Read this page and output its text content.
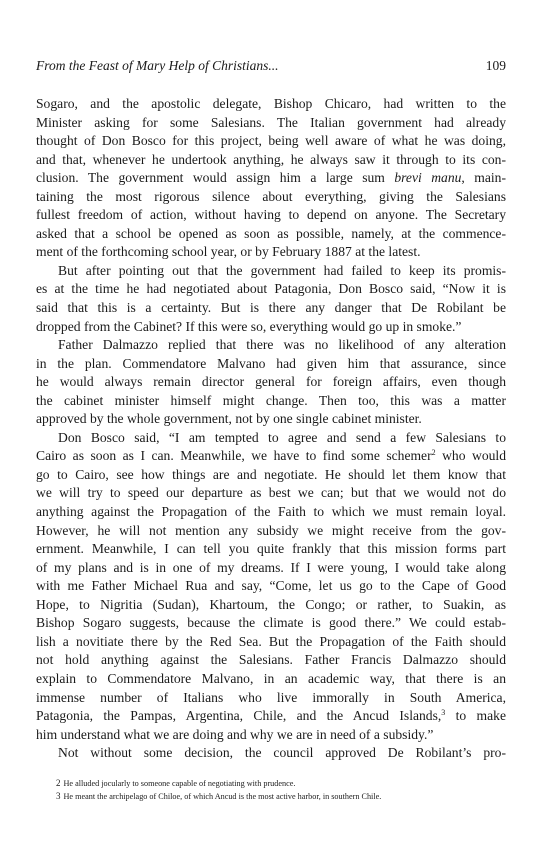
From the Feast of Mary Help of Christians...	109
Sogaro, and the apostolic delegate, Bishop Chicaro, had written to the
Minister asking for some Salesians. The Italian government had already
thought of Don Bosco for this project, being well aware of what he was doing,
and that, whenever he undertook anything, he always saw it through to its con-
clusion. The government would assign him a large sum brevi manu, main-
taining the most rigorous silence about everything, giving the Salesians
fullest freedom of action, without having to depend on anyone. The Secretary
asked that a school be opened as soon as possible, namely, at the commence-
ment of the forthcoming school year, or by February 1887 at the latest.
But after pointing out that the government had failed to keep its promis-
es at the time he had negotiated about Patagonia, Don Bosco said, “Now it is
said that this is a certainty. But is there any danger that De Robilant be
dropped from the Cabinet? If this were so, everything would go up in smoke.”
Father Dalmazzo replied that there was no likelihood of any alteration
in the plan. Commendatore Malvano had given him that assurance, since
he would always remain director general for foreign affairs, even though
the cabinet minister himself might change. Then too, this was a matter
approved by the whole government, not by one single cabinet minister.
Don Bosco said, “I am tempted to agree and send a few Salesians to
Cairo as soon as I can. Meanwhile, we have to find some schemer$^2$ who would
go to Cairo, see how things are and negotiate. He should let them know that
we will try to speed our departure as best we can; but that we would not do
anything against the Propagation of the Faith to which we must remain loyal.
However, he will not mention any subsidy we might receive from the gov-
ernment. Meanwhile, I can tell you quite frankly that this mission forms part
of my plans and is in one of my dreams. If I were young, I would take along
with me Father Michael Rua and say, “Come, let us go to the Cape of Good
Hope, to Nigritia (Sudan), Khartoum, the Congo; or rather, to Suakin, as
Bishop Sogaro suggests, because the climate is good there.” We could estab-
lish a novitiate there by the Red Sea. But the Propagation of the Faith should
not hold anything against the Salesians. Father Francis Dalmazzo should
explain to Commendatore Malvano, in an academic way, that there is an
immense number of Italians who live immorally in South America,
Patagonia, the Pampas, Argentina, Chile, and the Ancud Islands,$^3$ to make
him understand what we are doing and why we are in need of a subsidy.”
Not without some decision, the council approved De Robilant’s pro-
2 He alluded jocularly to someone capable of negotiating with prudence.
3 He meant the archipelago of Chiloe, of which Ancud is the most active harbor, in southern Chile.
